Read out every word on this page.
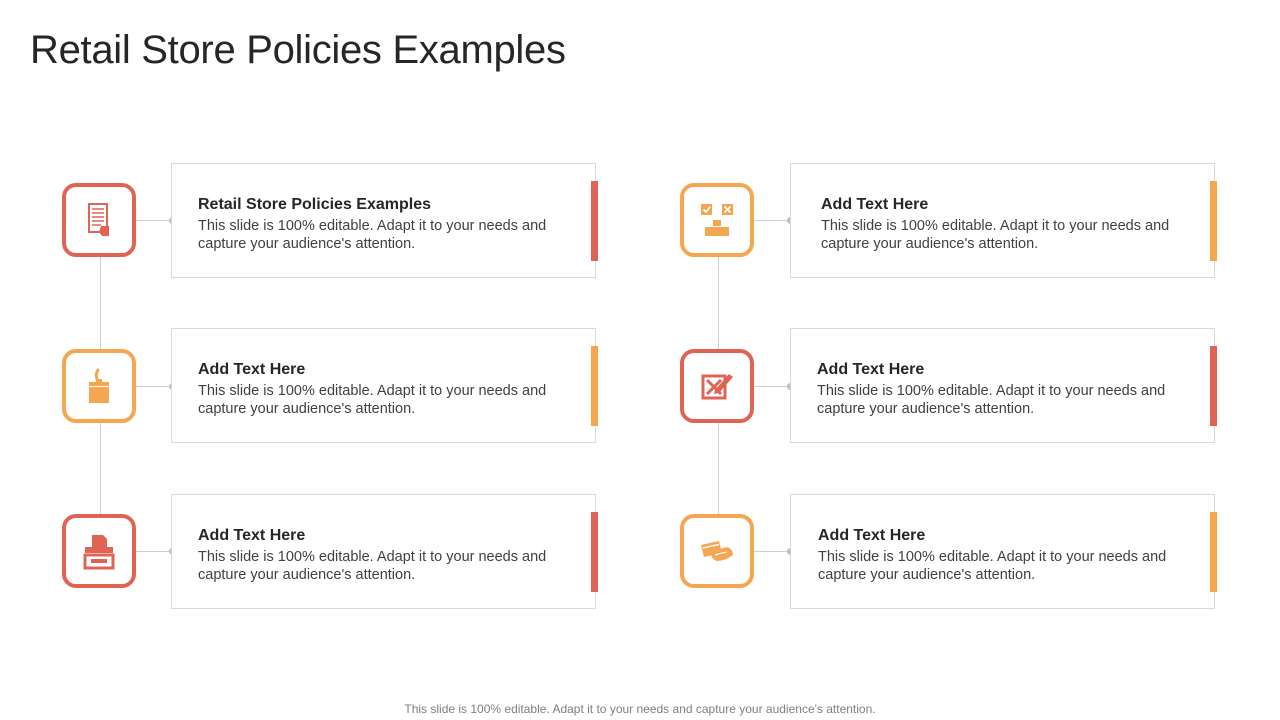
Retail Store Policies Examples
Retail Store Policies Examples
This slide is 100% editable. Adapt it to your needs and capture your audience's attention.
Add Text Here
This slide is 100% editable. Adapt it to your needs and capture your audience's attention.
Add Text Here
This slide is 100% editable. Adapt it to your needs and capture your audience's attention.
Add Text Here
This slide is 100% editable. Adapt it to your needs and capture your audience's attention.
Add Text Here
This slide is 100% editable. Adapt it to your needs and capture your audience's attention.
Add Text Here
This slide is 100% editable. Adapt it to your needs and capture your audience's attention.
This slide is 100% editable. Adapt it to your needs and capture your audience's attention.
